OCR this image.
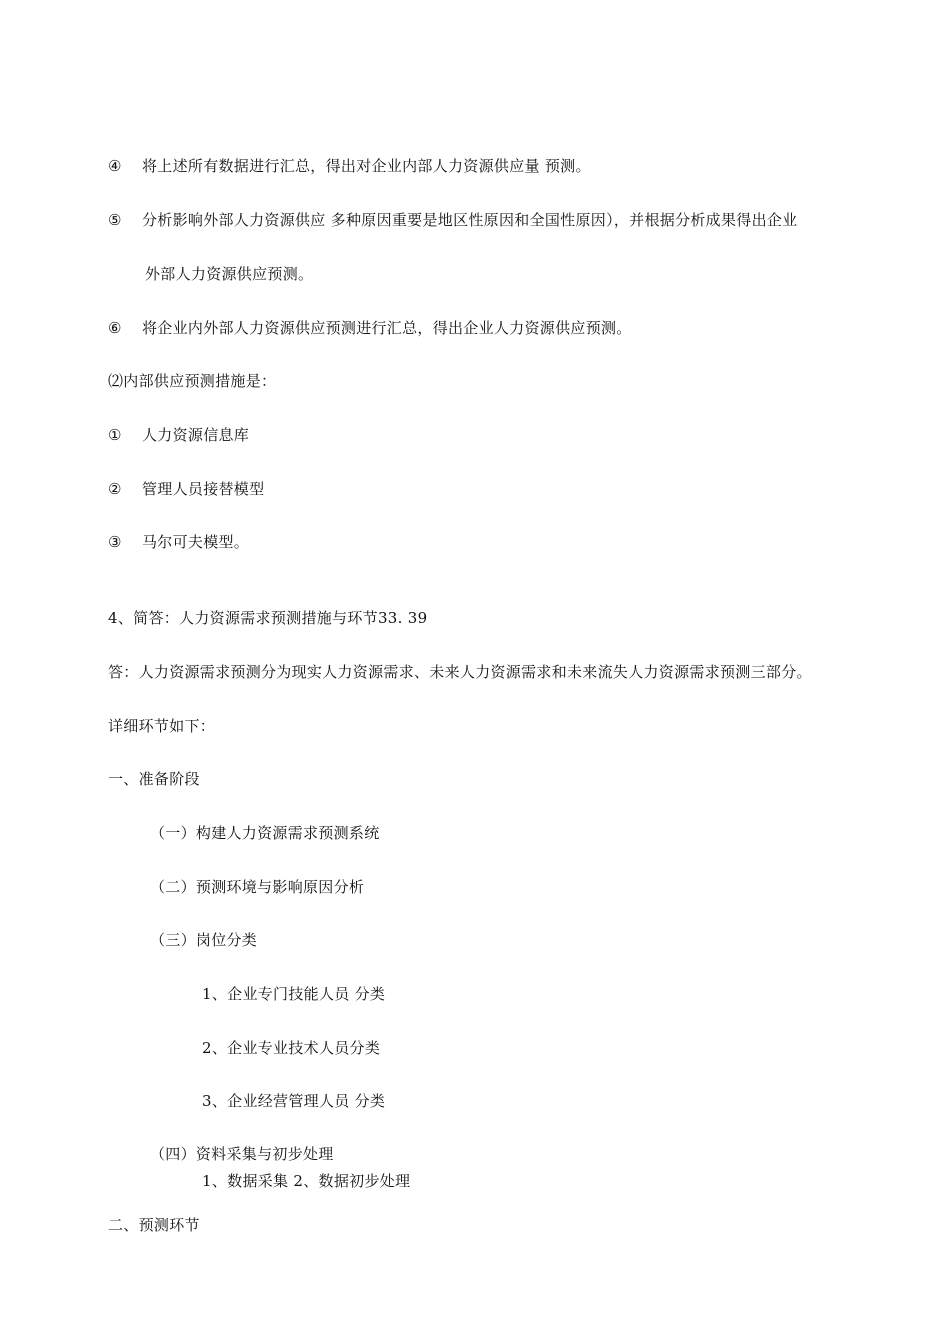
④ 将上述所有数据进行汇总，得出对企业内部人力资源供应量 预测。
⑤ 分析影响外部人力资源供应 多种原因重要是地区性原因和全国性原因），并根据分析成果得出企业
外部人力资源供应预测。
⑥ 将企业内外部人力资源供应预测进行汇总，得出企业人力资源供应预测。
⑵内部供应预测措施是：
① 人力资源信息库
② 管理人员接替模型
③ 马尔可夫模型。
4、简答：人力资源需求预测措施与环节33. 39
答：人力资源需求预测分为现实人力资源需求、未来人力资源需求和未来流失人力资源需求预测三部分。
详细环节如下：
一、准备阶段
（一）构建人力资源需求预测系统
（二）预测环境与影响原因分析
（三）岗位分类
1、企业专门技能人员 分类
2、企业专业技术人员分类
3、企业经营管理人员 分类
（四）资料采集与初步处理
1、数据采集 2、数据初步处理
二、预测环节
